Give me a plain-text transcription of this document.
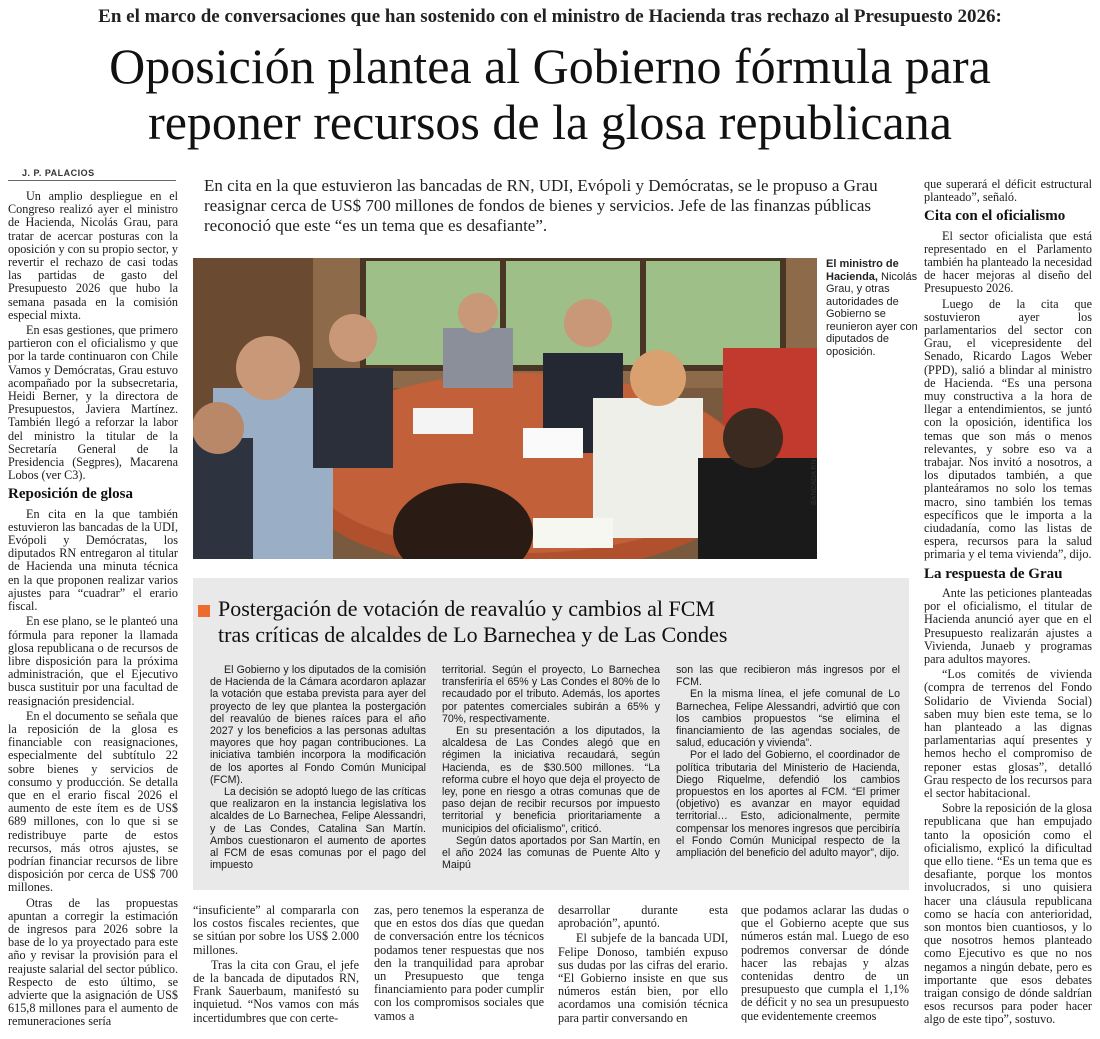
En el marco de conversaciones que han sostenido con el ministro de Hacienda tras rechazo al Presupuesto 2026:
Oposición plantea al Gobierno fórmula para
reponer recursos de la glosa republicana
J. P. PALACIOS

Un amplio despliegue en el Congreso realizó ayer el ministro de Hacienda, Nicolás Grau, para tratar de acercar posturas con la oposición y con su propio sector, y revertir el rechazo de casi todas las partidas de gasto del Presupuesto 2026 que hubo la semana pasada en la comisión especial mixta.

En esas gestiones, que primero partieron con el oficialismo y que por la tarde continuaron con Chile Vamos y Demócratas, Grau estuvo acompañado por la subsecretaria, Heidi Berner, y la directora de Presupuestos, Javiera Martínez. También llegó a reforzar la labor del ministro la titular de la Secretaría General de la Presidencia (Segpres), Macarena Lobos (ver C3).

Reposición de glosa

En cita en la que también estuvieron las bancadas de la UDI, Evópoli y Demócratas, los diputados RN entregaron al titular de Hacienda una minuta técnica en la que proponen realizar varios ajustes para “cuadrar” el erario fiscal.

En ese plano, se le planteó una fórmula para reponer la llamada glosa republicana o de recursos de libre disposición para la próxima administración, que el Ejecutivo busca sustituir por una facultad de reasignación presidencial.

En el documento se señala que la reposición de la glosa es financiable con reasignaciones, especialmente del subtítulo 22 sobre bienes y servicios de consumo y producción. Se detalla que en el erario fiscal 2026 el aumento de este ítem es de US$ 689 millones, con lo que si se redistribuye parte de estos recursos, más otros ajustes, se podrían financiar recursos de libre disposición por cerca de US$ 700 millones.

Otras de las propuestas apuntan a corregir la estimación de ingresos para 2026 sobre la base de lo ya proyectado para este año y revisar la provisión para el reajuste salarial del sector público. Respecto de esto último, se advierte que la asignación de US$ 615,8 millones para el aumento de remuneraciones sería

En cita en la que estuvieron las bancadas de RN, UDI, Evópoli y Demócratas, se le propuso a Grau reasignar cerca de US$ 700 millones de fondos de bienes y servicios. Jefe de las finanzas públicas reconoció que este “es un tema que es desafiante”.
BANCADA RN
El ministro de Hacienda, Nicolás Grau, y otras autoridades de Gobierno se reunieron ayer con diputados de oposición.
Postergación de votación de reavalúo y cambios al FCM
tras críticas de alcaldes de Lo Barnechea y de Las Condes

El Gobierno y los diputados de la comisión de Hacienda de la Cámara acordaron aplazar la votación que estaba prevista para ayer del proyecto de ley que plantea la postergación del reavalúo de bienes raíces para el año 2027 y los beneficios a las personas adultas mayores que hoy pagan contribuciones. La iniciativa también incorpora la modificación de los aportes al Fondo Común Municipal (FCM).

La decisión se adoptó luego de las críticas que realizaron en la instancia legislativa los alcaldes de Lo Barnechea, Felipe Alessandri, y de Las Condes, Catalina San Martín. Ambos cuestionaron el aumento de aportes al FCM de esas comunas por el pago del impuesto

territorial. Según el proyecto, Lo Barnechea transferiría el 65% y Las Condes el 80% de lo recaudado por el tributo. Además, los aportes por patentes comerciales subirán a 65% y 70%, respectivamente.

En su presentación a los diputados, la alcaldesa de Las Condes alegó que en régimen la iniciativa recaudará, según Hacienda, es de $30.500 millones. “La reforma cubre el hoyo que deja el proyecto de ley, pone en riesgo a otras comunas que de paso dejan de recibir recursos por impuesto territorial y beneficia prioritariamente a municipios del oficialismo”, criticó.

Según datos aportados por San Martín, en el año 2024 las comunas de Puente Alto y Maipú

son las que recibieron más ingresos por el FCM.

En la misma línea, el jefe comunal de Lo Barnechea, Felipe Alessandri, advirtió que con los cambios propuestos “se elimina el financiamiento de las agendas sociales, de salud, educación y vivienda”.

Por el lado del Gobierno, el coordinador de política tributaria del Ministerio de Hacienda, Diego Riquelme, defendió los cambios propuestos en los aportes al FCM. “El primer (objetivo) es avanzar en mayor equidad territorial… Esto, adicionalmente, permite compensar los menores ingresos que percibiría el Fondo Común Municipal respecto de la ampliación del beneficio del adulto mayor”, dijo.

“insuficiente” al compararla con los costos fiscales recientes, que se sitúan por sobre los US$ 2.000 millones.

Tras la cita con Grau, el jefe de la bancada de diputados RN, Frank Sauerbaum, manifestó su inquietud. “Nos vamos con más incertidumbres que con certe-

zas, pero tenemos la esperanza de que en estos dos días que quedan de conversación entre los técnicos podamos tener respuestas que nos den la tranquilidad para aprobar un Presupuesto que tenga financiamiento para poder cumplir con los compromisos sociales que vamos a

desarrollar durante esta aprobación”, apuntó.

El subjefe de la bancada UDI, Felipe Donoso, también expuso sus dudas por las cifras del erario. “El Gobierno insiste en que sus números están bien, por ello acordamos una comisión técnica para partir conversando en

que podamos aclarar las dudas o que el Gobierno acepte que sus números están mal. Luego de eso podremos conversar de dónde hacer las rebajas y alzas contenidas dentro de un presupuesto que cumpla el 1,1% de déficit y no sea un presupuesto que evidentemente creemos

que superará el déficit estructural planteado”, señaló.

Cita con el oficialismo

El sector oficialista que está representado en el Parlamento también ha planteado la necesidad de hacer mejoras al diseño del Presupuesto 2026.

Luego de la cita que sostuvieron ayer los parlamentarios del sector con Grau, el vicepresidente del Senado, Ricardo Lagos Weber (PPD), salió a blindar al ministro de Hacienda. “Es una persona muy constructiva a la hora de llegar a entendimientos, se juntó con la oposición, identifica los temas que son más o menos relevantes, y sobre eso va a trabajar. Nos invitó a nosotros, a los diputados también, a que planteáramos no solo los temas macro, sino también los temas específicos que le importa a la ciudadanía, como las listas de espera, recursos para la salud primaria y el tema vivienda”, dijo.

La respuesta de Grau

Ante las peticiones planteadas por el oficialismo, el titular de Hacienda anunció ayer que en el Presupuesto realizarán ajustes a Vivienda, Junaeb y programas para adultos mayores.

“Los comités de vivienda (compra de terrenos del Fondo Solidario de Vivienda Social) saben muy bien este tema, se lo han planteado a las dignas parlamentarias aquí presentes y hemos hecho el compromiso de reponer estas glosas”, detalló Grau respecto de los recursos para el sector habitacional.

Sobre la reposición de la glosa republicana que han empujado tanto la oposición como el oficialismo, explicó la dificultad que ello tiene. “Es un tema que es desafiante, porque los montos involucrados, si uno quisiera hacer una cláusula republicana como se hacía con anterioridad, son montos bien cuantiosos, y lo que nosotros hemos planteado como Ejecutivo es que no nos negamos a ningún debate, pero es importante que esos debates traigan consigo de dónde saldrían esos recursos para poder hacer algo de este tipo”, sostuvo.
